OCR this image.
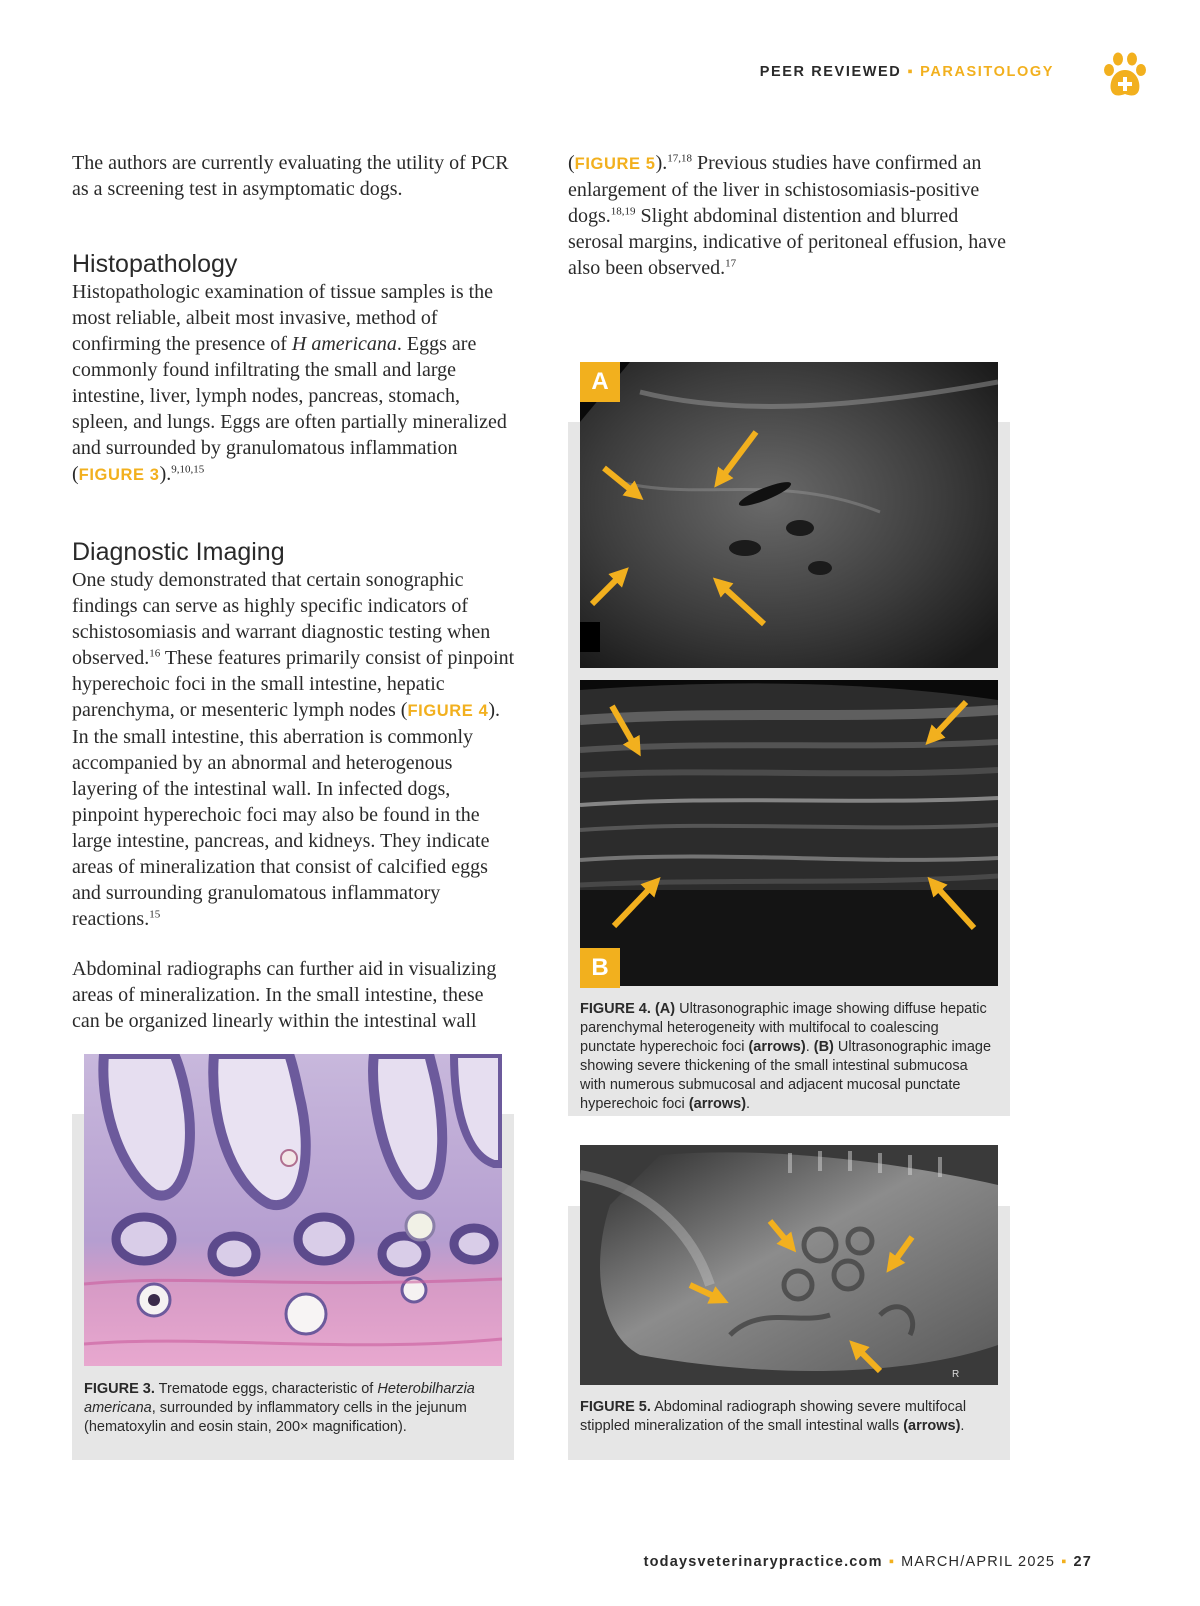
PEER REVIEWED ▪ PARASITOLOGY

The authors are currently evaluating the utility of PCR as a screening test in asymptomatic dogs.

Histopathology

Histopathologic examination of tissue samples is the most reliable, albeit most invasive, method of confirming the presence of H americana. Eggs are commonly found infiltrating the small and large intestine, liver, lymph nodes, pancreas, stomach, spleen, and lungs. Eggs are often partially mineralized and surrounded by granulomatous inflammation (FIGURE 3).$^{9,10,15}$

Diagnostic Imaging

One study demonstrated that certain sonographic findings can serve as highly specific indicators of schistosomiasis and warrant diagnostic testing when observed.$^{16}$ These features primarily consist of pinpoint hyperechoic foci in the small intestine, hepatic parenchyma, or mesenteric lymph nodes (FIGURE 4). In the small intestine, this aberration is commonly accompanied by an abnormal and heterogenous layering of the intestinal wall. In infected dogs, pinpoint hyperechoic foci may also be found in the large intestine, pancreas, and kidneys. They indicate areas of mineralization that consist of calcified eggs and surrounding granulomatous inflammatory reactions.$^{15}$

Abdominal radiographs can further aid in visualizing areas of mineralization. In the small intestine, these can be organized linearly within the intestinal wall

(FIGURE 5).$^{17,18}$ Previous studies have confirmed an enlargement of the liver in schistosomiasis-positive dogs.$^{18,19}$ Slight abdominal distention and blurred serosal margins, indicative of peritoneal effusion, have also been observed.$^{17}$

FIGURE 3. Trematode eggs, characteristic of Heterobilharzia americana, surrounded by inflammatory cells in the jejunum (hematoxylin and eosin stain, 200× magnification).

A
B

FIGURE 4. (A) Ultrasonographic image showing diffuse hepatic parenchymal heterogeneity with multifocal to coalescing punctate hyperechoic foci (arrows). (B) Ultrasonographic image showing severe thickening of the small intestinal submucosa with numerous submucosal and adjacent mucosal punctate hyperechoic foci (arrows).

R

FIGURE 5. Abdominal radiograph showing severe multifocal stippled mineralization of the small intestinal walls (arrows).

todaysveterinarypractice.com ▪ MARCH/APRIL 2025 ▪ 27
